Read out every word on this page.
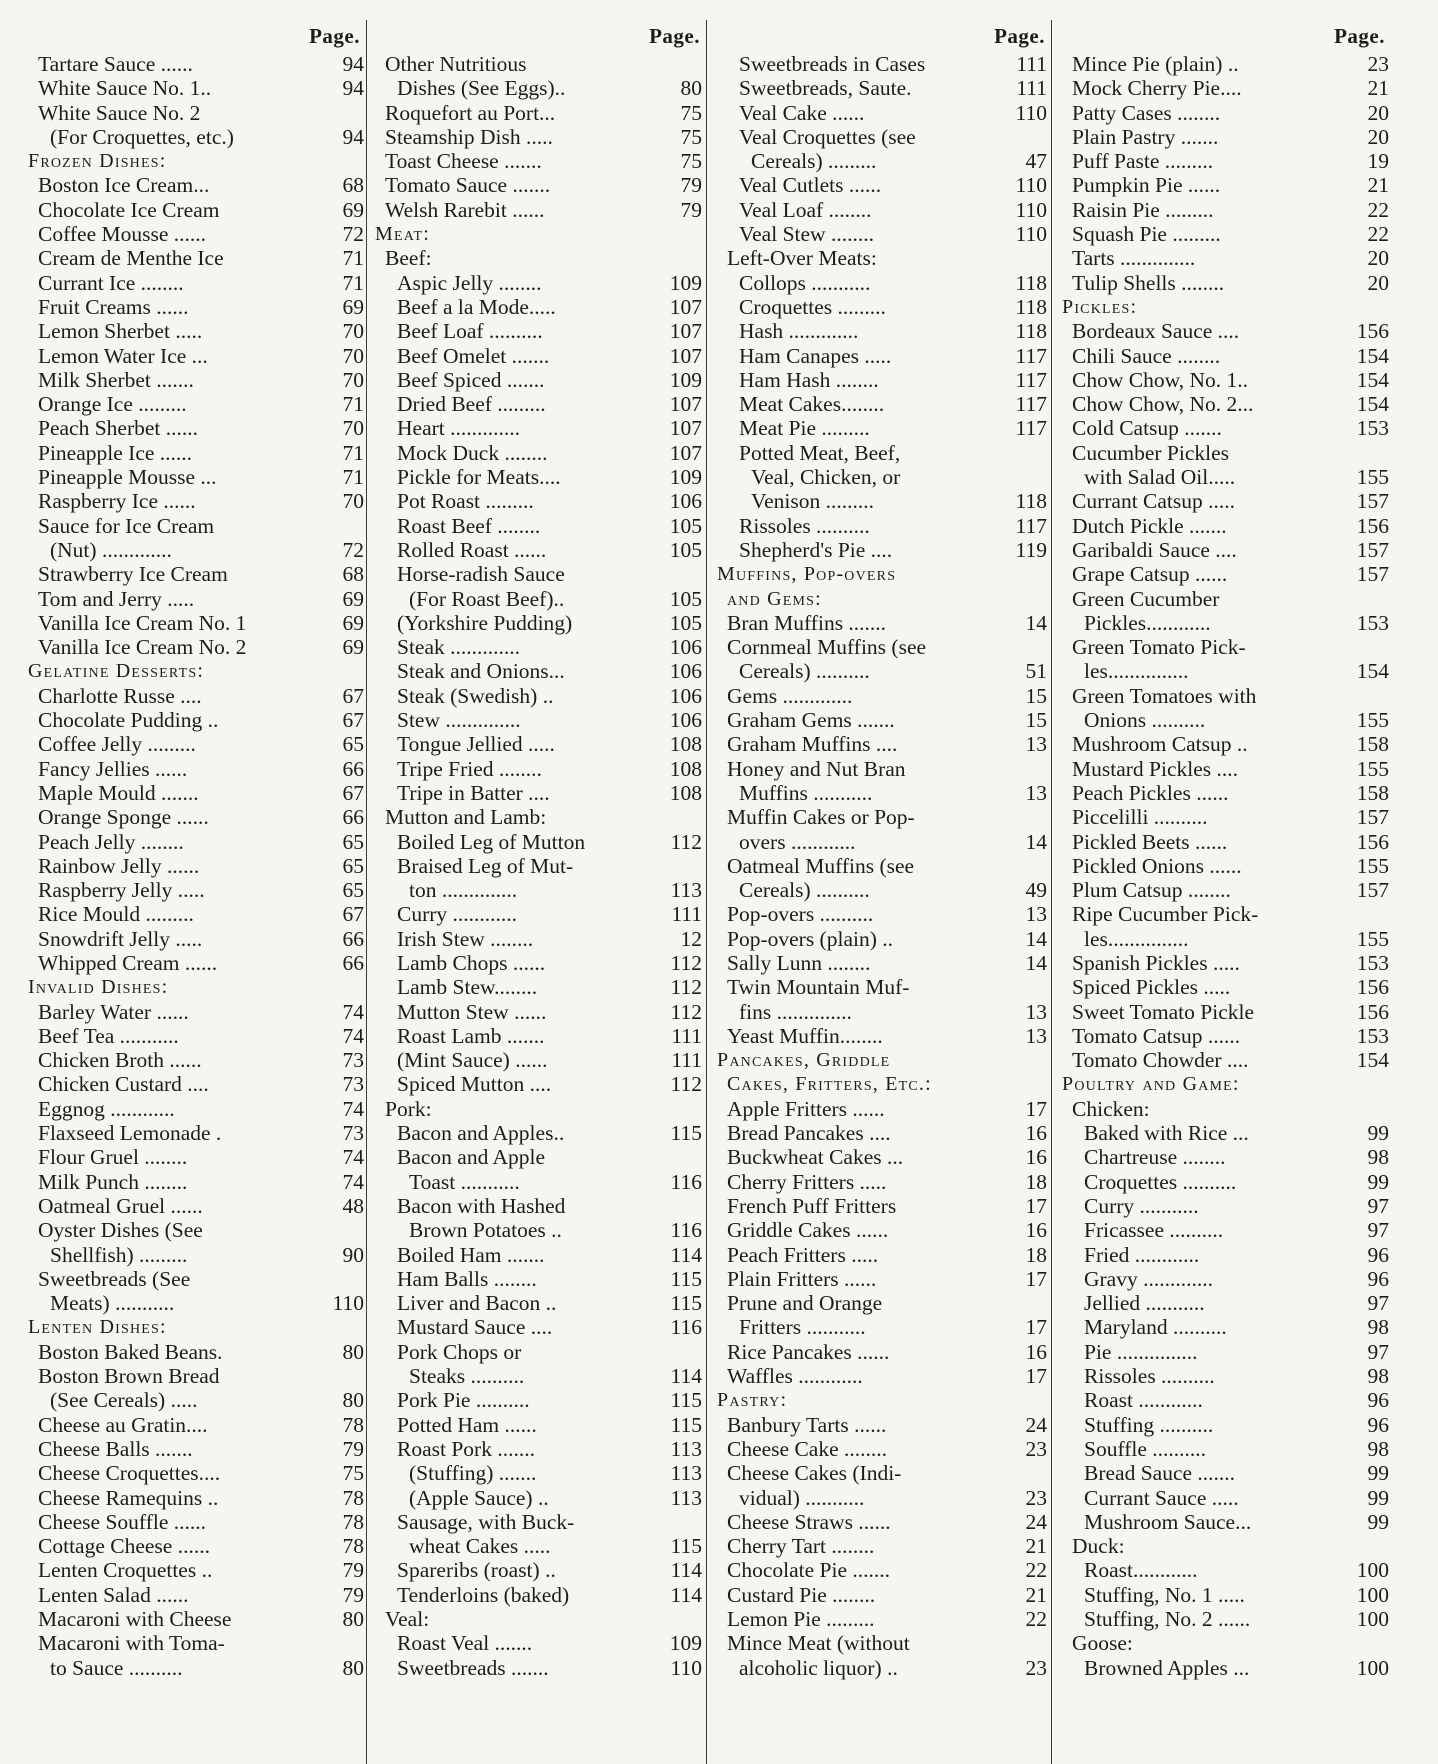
Page.
Tartare Sauce ......	94
White Sauce No. 1..	94
White Sauce No. 2
(For Croquettes, etc.)	94
Frozen Dishes:
Boston Ice Cream...	68
Chocolate Ice Cream	69
Coffee Mousse ......	72
Cream de Menthe Ice	71
Currant Ice ........	71
Fruit Creams ......	69
Lemon Sherbet .....	70
Lemon Water Ice ...	70
Milk Sherbet .......	70
Orange Ice .........	71
Peach Sherbet ......	70
Pineapple Ice ......	71
Pineapple Mousse ...	71
Raspberry Ice ......	70
Sauce for Ice Cream
(Nut) .............	72
Strawberry Ice Cream	68
Tom and Jerry .....	69
Vanilla Ice Cream No. 1	69
Vanilla Ice Cream No. 2	69
Gelatine Desserts:
Charlotte Russe ....	67
Chocolate Pudding ..	67
Coffee Jelly .........	65
Fancy Jellies ......	66
Maple Mould .......	67
Orange Sponge ......	66
Peach Jelly ........	65
Rainbow Jelly ......	65
Raspberry Jelly .....	65
Rice Mould .........	67
Snowdrift Jelly .....	66
Whipped Cream ......	66
Invalid Dishes:
Barley Water ......	74
Beef Tea ...........	74
Chicken Broth ......	73
Chicken Custard ....	73
Eggnog ............	74
Flaxseed Lemonade .	73
Flour Gruel ........	74
Milk Punch ........	74
Oatmeal Gruel ......	48
Oyster Dishes (See
Shellfish) .........	90
Sweetbreads (See
Meats) ...........	110
Lenten Dishes:
Boston Baked Beans.	80
Boston Brown Bread
(See Cereals) .....	80
Cheese au Gratin....	78
Cheese Balls .......	79
Cheese Croquettes....	75
Cheese Ramequins ..	78
Cheese Souffle ......	78
Cottage Cheese ......	78
Lenten Croquettes ..	79
Lenten Salad ......	79
Macaroni with Cheese	80
Macaroni with Toma-
to Sauce ..........	80
Page.
Other Nutritious
Dishes (See Eggs)..	80
Roquefort au Port...	75
Steamship Dish .....	75
Toast Cheese .......	75
Tomato Sauce .......	79
Welsh Rarebit ......	79
Meat:
Beef:
Aspic Jelly ........	109
Beef a la Mode.....	107
Beef Loaf ..........	107
Beef Omelet .......	107
Beef Spiced .......	109
Dried Beef .........	107
Heart .............	107
Mock Duck ........	107
Pickle for Meats....	109
Pot Roast .........	106
Roast Beef ........	105
Rolled Roast ......	105
Horse-radish Sauce
(For Roast Beef)..	105
(Yorkshire Pudding)	105
Steak .............	106
Steak and Onions...	106
Steak (Swedish) ..	106
Stew ..............	106
Tongue Jellied .....	108
Tripe Fried ........	108
Tripe in Batter ....	108
Mutton and Lamb:
Boiled Leg of Mutton	112
Braised Leg of Mut-
ton ..............	113
Curry ............	111
Irish Stew ........	12
Lamb Chops ......	112
Lamb Stew........	112
Mutton Stew ......	112
Roast Lamb .......	111
(Mint Sauce) ......	111
Spiced Mutton ....	112
Pork:
Bacon and Apples..	115
Bacon and Apple
Toast ...........	116
Bacon with Hashed
Brown Potatoes ..	116
Boiled Ham .......	114
Ham Balls ........	115
Liver and Bacon ..	115
Mustard Sauce ....	116
Pork Chops or
Steaks ..........	114
Pork Pie ..........	115
Potted Ham ......	115
Roast Pork .......	113
(Stuffing) .......	113
(Apple Sauce) ..	113
Sausage, with Buck-
wheat Cakes .....	115
Spareribs (roast) ..	114
Tenderloins (baked)	114
Veal:
Roast Veal .......	109
Sweetbreads .......	110
Page.
Sweetbreads in Cases	111
Sweetbreads, Saute.	111
Veal Cake ......	110
Veal Croquettes (see
Cereals) .........	47
Veal Cutlets ......	110
Veal Loaf ........	110
Veal Stew ........	110
Left-Over Meats:
Collops ...........	118
Croquettes .........	118
Hash .............	118
Ham Canapes .....	117
Ham Hash ........	117
Meat Cakes........	117
Meat Pie .........	117
Potted Meat, Beef,
Veal, Chicken, or
Venison .........	118
Rissoles ..........	117
Shepherd's Pie ....	119
Muffins, Pop-overs
and Gems:
Bran Muffins .......	14
Cornmeal Muffins (see
Cereals) ..........	51
Gems .............	15
Graham Gems .......	15
Graham Muffins ....	13
Honey and Nut Bran
Muffins ...........	13
Muffin Cakes or Pop-
overs ............	14
Oatmeal Muffins (see
Cereals) ..........	49
Pop-overs ..........	13
Pop-overs (plain) ..	14
Sally Lunn ........	14
Twin Mountain Muf-
fins ..............	13
Yeast Muffin........	13
Pancakes, Griddle
Cakes, Fritters, Etc.:
Apple Fritters ......	17
Bread Pancakes ....	16
Buckwheat Cakes ...	16
Cherry Fritters .....	18
French Puff Fritters	17
Griddle Cakes ......	16
Peach Fritters .....	18
Plain Fritters ......	17
Prune and Orange
Fritters ...........	17
Rice Pancakes ......	16
Waffles ............	17
Pastry:
Banbury Tarts ......	24
Cheese Cake ........	23
Cheese Cakes (Indi-
vidual) ...........	23
Cheese Straws ......	24
Cherry Tart ........	21
Chocolate Pie .......	22
Custard Pie ........	21
Lemon Pie .........	22
Mince Meat (without
alcoholic liquor) ..	23
Page.
Mince Pie (plain) ..	23
Mock Cherry Pie....	21
Patty Cases ........	20
Plain Pastry .......	20
Puff Paste .........	19
Pumpkin Pie ......	21
Raisin Pie .........	22
Squash Pie .........	22
Tarts ..............	20
Tulip Shells ........	20
Pickles:
Bordeaux Sauce ....	156
Chili Sauce ........	154
Chow Chow, No. 1..	154
Chow Chow, No. 2...	154
Cold Catsup .......	153
Cucumber Pickles
with Salad Oil.....	155
Currant Catsup .....	157
Dutch Pickle .......	156
Garibaldi Sauce ....	157
Grape Catsup ......	157
Green Cucumber
Pickles............	153
Green Tomato Pick-
les...............	154
Green Tomatoes with
Onions ..........	155
Mushroom Catsup ..	158
Mustard Pickles ....	155
Peach Pickles ......	158
Piccelilli ..........	157
Pickled Beets ......	156
Pickled Onions ......	155
Plum Catsup ........	157
Ripe Cucumber Pick-
les...............	155
Spanish Pickles .....	153
Spiced Pickles .....	156
Sweet Tomato Pickle	156
Tomato Catsup ......	153
Tomato Chowder ....	154
Poultry and Game:
Chicken:
Baked with Rice ...	99
Chartreuse ........	98
Croquettes ..........	99
Curry ...........	97
Fricassee ..........	97
Fried ............	96
Gravy .............	96
Jellied ...........	97
Maryland ..........	98
Pie ...............	97
Rissoles ..........	98
Roast ............	96
Stuffing ..........	96
Souffle ..........	98
Bread Sauce .......	99
Currant Sauce .....	99
Mushroom Sauce...	99
Duck:
Roast............	100
Stuffing, No. 1 .....	100
Stuffing, No. 2 ......	100
Goose:
Browned Apples ...	100
